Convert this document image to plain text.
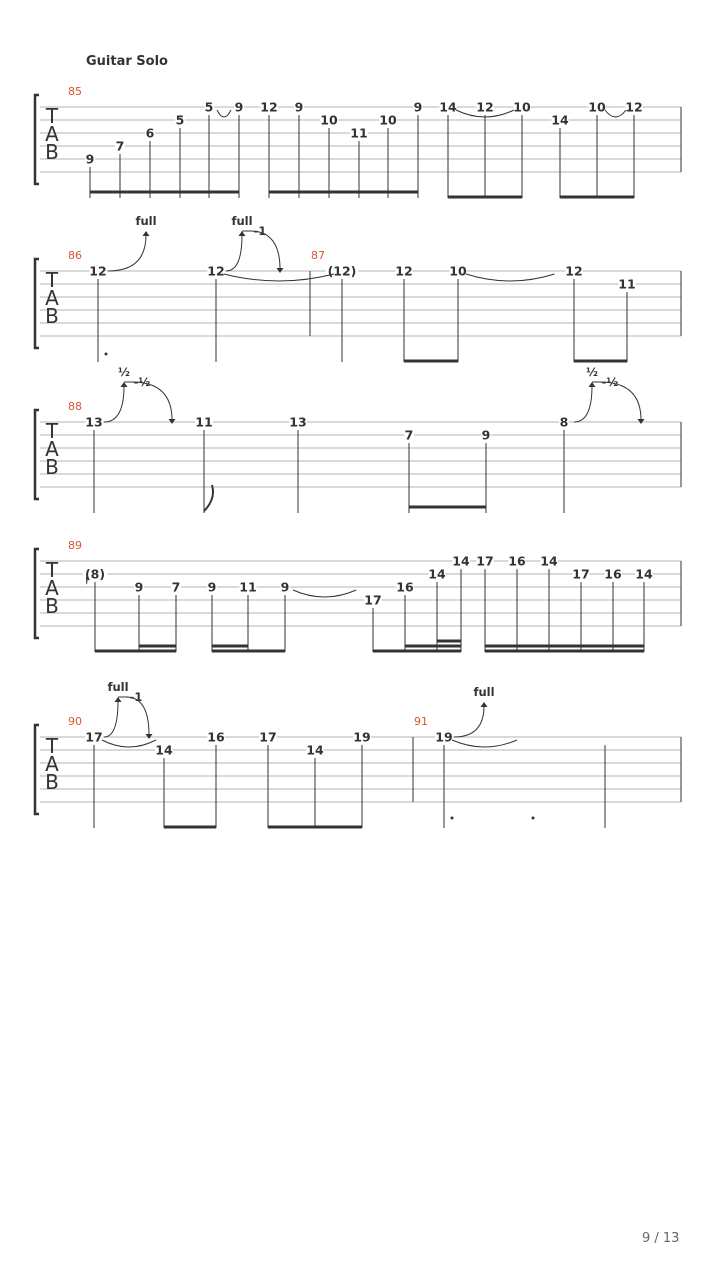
Guitar Solo
T
A
B
85
9
7
6
5
5 9 12 9
10
11
10
9 14 12 10
14
10 12
T
A
B
86	87
12	12	(12)	12	10	12
11
full	full
-1
T
A
B
88
13	11	13
7	9
8
½
-½
½
-½
T
A
B
89
(8)
9 7 9 11 9
17
16
14
14 17 16 14
17 16 14
T
A
B
90	91
17
14
16	17
14
19	19
full
-1	full
9 / 13
